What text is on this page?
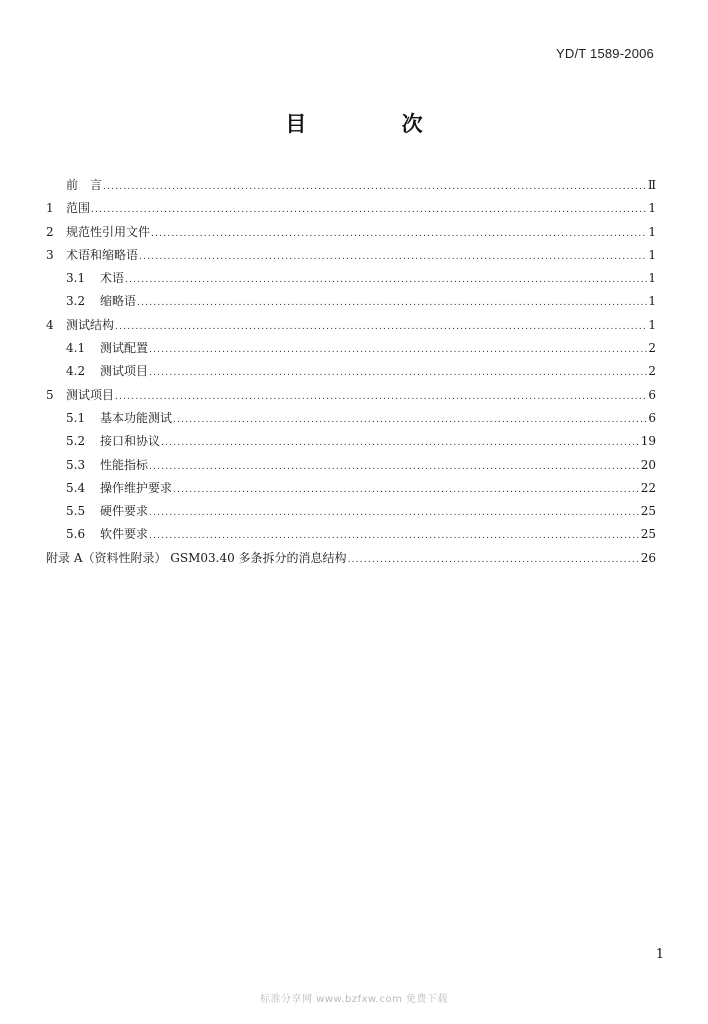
YD/T 1589-2006
目 次
前　言 .....	Ⅱ
1	范围 .....	1
2	规范性引用文件 .....	1
3	术语和缩略语 .....	1
3.1	术语 .....	1
3.2	缩略语 .....	1
4	测试结构 .....	1
4.1	测试配置 .....	2
4.2	测试项目 .....	2
5	测试项目 .....	6
5.1	基本功能测试 .....	6
5.2	接口和协议 .....	19
5.3	性能指标 .....	20
5.4	操作维护要求 .....	22
5.5	硬件要求 .....	25
5.6	软件要求 .....	25
附录 A（资料性附录） GSM03.40 多条拆分的消息结构 .....	26
1
标准分享网 www.bzfxw.com 免费下载
